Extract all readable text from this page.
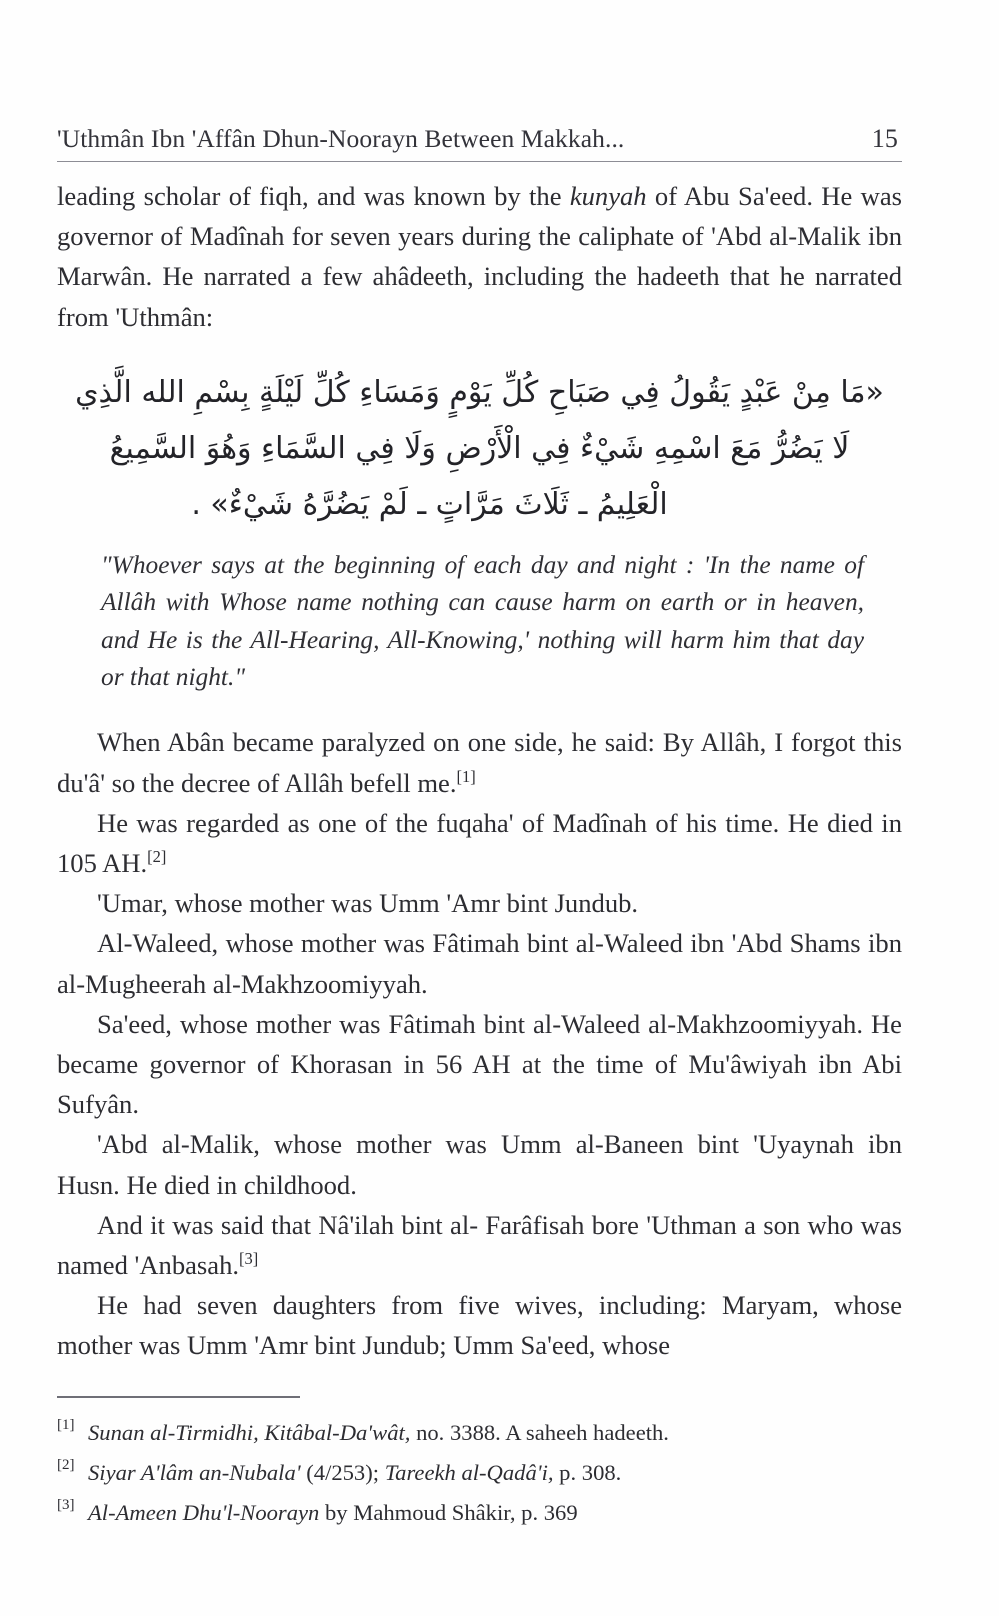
'Uthmân Ibn 'Affân Dhun-Noorayn Between Makkah...	15

leading scholar of fiqh, and was known by the kunyah of Abu Sa'eed. He was governor of Madînah for seven years during the caliphate of 'Abd al-Malik ibn Marwân. He narrated a few ahâdeeth, including the hadeeth that he narrated from 'Uthmân:

«مَا مِنْ عَبْدٍ يَقُولُ فِي صَبَاحِ كُلِّ يَوْمٍ وَمَسَاءِ كُلِّ لَيْلَةٍ بِسْمِ الله الَّذِي
لَا يَضُرُّ مَعَ اسْمِهِ شَيْءٌ فِي الْأَرْضِ وَلَا فِي السَّمَاءِ وَهُوَ السَّمِيعُ
الْعَلِيمُ ـ ثَلَاثَ مَرَّاتٍ ـ لَمْ يَضُرَّهُ شَيْءٌ» .

"Whoever says at the beginning of each day and night : 'In the name of Allâh with Whose name nothing can cause harm on earth or in heaven, and He is the All-Hearing, All-Knowing,' nothing will harm him that day or that night."

When Abân became paralyzed on one side, he said: By Allâh, I forgot this du'â' so the decree of Allâh befell me.[1]

He was regarded as one of the fuqaha' of Madînah of his time. He died in 105 AH.[2]

'Umar, whose mother was Umm 'Amr bint Jundub.

Al-Waleed, whose mother was Fâtimah bint al-Waleed ibn 'Abd Shams ibn al-Mugheerah al-Makhzoomiyyah.

Sa'eed, whose mother was Fâtimah bint al-Waleed al-Makhzoomiyyah. He became governor of Khorasan in 56 AH at the time of Mu'âwiyah ibn Abi Sufyân.

'Abd al-Malik, whose mother was Umm al-Baneen bint 'Uyaynah ibn Husn. He died in childhood.

And it was said that Nâ'ilah bint al- Farâfisah bore 'Uthman a son who was named 'Anbasah.[3]

He had seven daughters from five wives, including: Maryam, whose mother was Umm 'Amr bint Jundub; Umm Sa'eed, whose

[1] Sunan al-Tirmidhi, Kitâbal-Da'wât, no. 3388. A saheeh hadeeth.
[2] Siyar A'lâm an-Nubala' (4/253); Tareekh al-Qadâ'i, p. 308.
[3] Al-Ameen Dhu'l-Noorayn by Mahmoud Shâkir, p. 369
